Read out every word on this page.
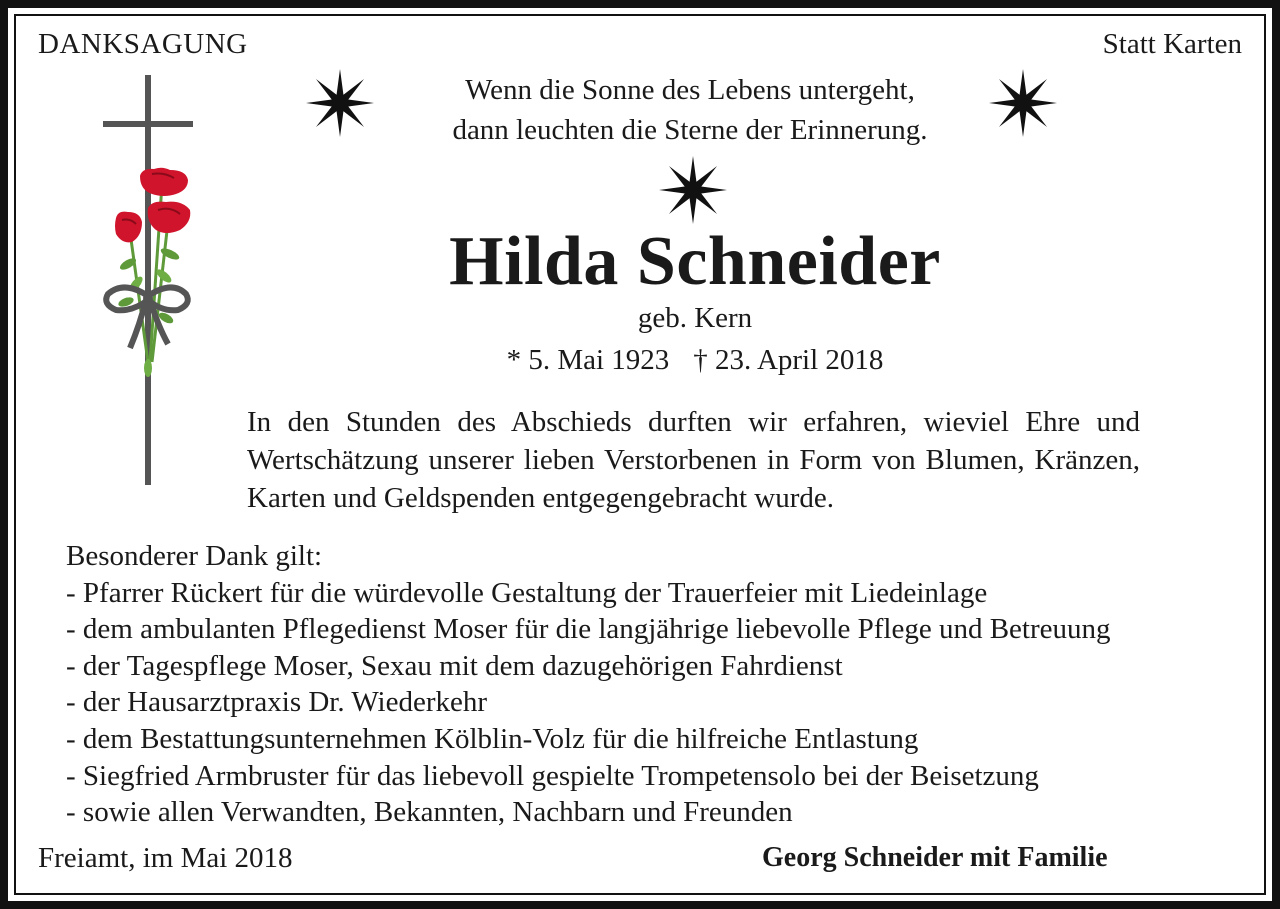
DANKSAGUNG	Statt Karten
Wenn die Sonne des Lebens untergeht,
dann leuchten die Sterne der Erinnerung.
Hilda Schneider
geb. Kern
* 5. Mai 1923 † 23. April 2018
In den Stunden des Abschieds durften wir erfahren, wieviel Ehre und Wertschätzung unserer lieben Verstorbenen in Form von Blumen, Kränzen, Karten und Geldspenden entgegengebracht wurde.
Besonderer Dank gilt:
- Pfarrer Rückert für die würdevolle Gestaltung der Trauerfeier mit Liedeinlage
- dem ambulanten Pflegedienst Moser für die langjährige liebevolle Pflege und Betreuung
- der Tagespflege Moser, Sexau mit dem dazugehörigen Fahrdienst
- der Hausarztpraxis Dr. Wiederkehr
- dem Bestattungsunternehmen Kölblin-Volz für die hilfreiche Entlastung
- Siegfried Armbruster für das liebevoll gespielte Trompetensolo bei der Beisetzung
- sowie allen Verwandten, Bekannten, Nachbarn und Freunden
Freiamt, im Mai 2018	Georg Schneider mit Familie
